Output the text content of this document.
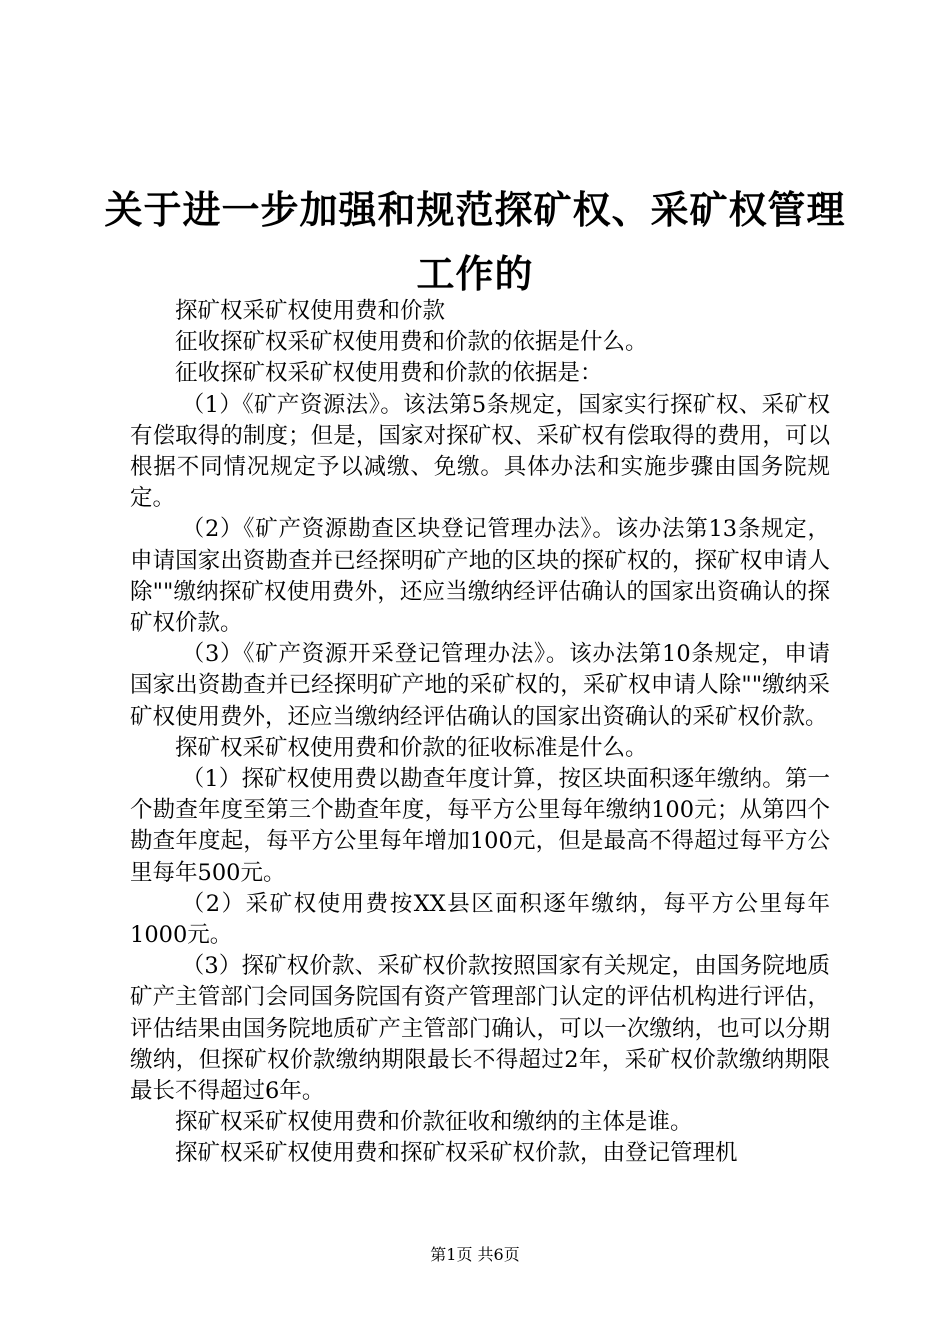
关于进一步加强和规范探矿权、采矿权管理工作的

探矿权采矿权使用费和价款

征收探矿权采矿权使用费和价款的依据是什么。

征收探矿权采矿权使用费和价款的依据是：

（1）《矿产资源法》。该法第5条规定，国家实行探矿权、采矿权有偿取得的制度；但是，国家对探矿权、采矿权有偿取得的费用，可以根据不同情况规定予以减缴、免缴。具体办法和实施步骤由国务院规定。

（2）《矿产资源勘查区块登记管理办法》。该办法第13条规定，申请国家出资勘查并已经探明矿产地的区块的探矿权的，探矿权申请人除""缴纳探矿权使用费外，还应当缴纳经评估确认的国家出资确认的探矿权价款。

（3）《矿产资源开采登记管理办法》。该办法第10条规定，申请国家出资勘查并已经探明矿产地的采矿权的，采矿权申请人除""缴纳采矿权使用费外，还应当缴纳经评估确认的国家出资确认的采矿权价款。

探矿权采矿权使用费和价款的征收标准是什么。

（1）探矿权使用费以勘查年度计算，按区块面积逐年缴纳。第一个勘查年度至第三个勘查年度，每平方公里每年缴纳100元；从第四个勘查年度起，每平方公里每年增加100元，但是最高不得超过每平方公里每年500元。

（2）采矿权使用费按XX县区面积逐年缴纳，每平方公里每年1000元。

（3）探矿权价款、采矿权价款按照国家有关规定，由国务院地质矿产主管部门会同国务院国有资产管理部门认定的评估机构进行评估，评估结果由国务院地质矿产主管部门确认，可以一次缴纳，也可以分期缴纳，但探矿权价款缴纳期限最长不得超过2年，采矿权价款缴纳期限最长不得超过6年。

探矿权采矿权使用费和价款征收和缴纳的主体是谁。

探矿权采矿权使用费和探矿权采矿权价款，由登记管理机

第1页 共6页
